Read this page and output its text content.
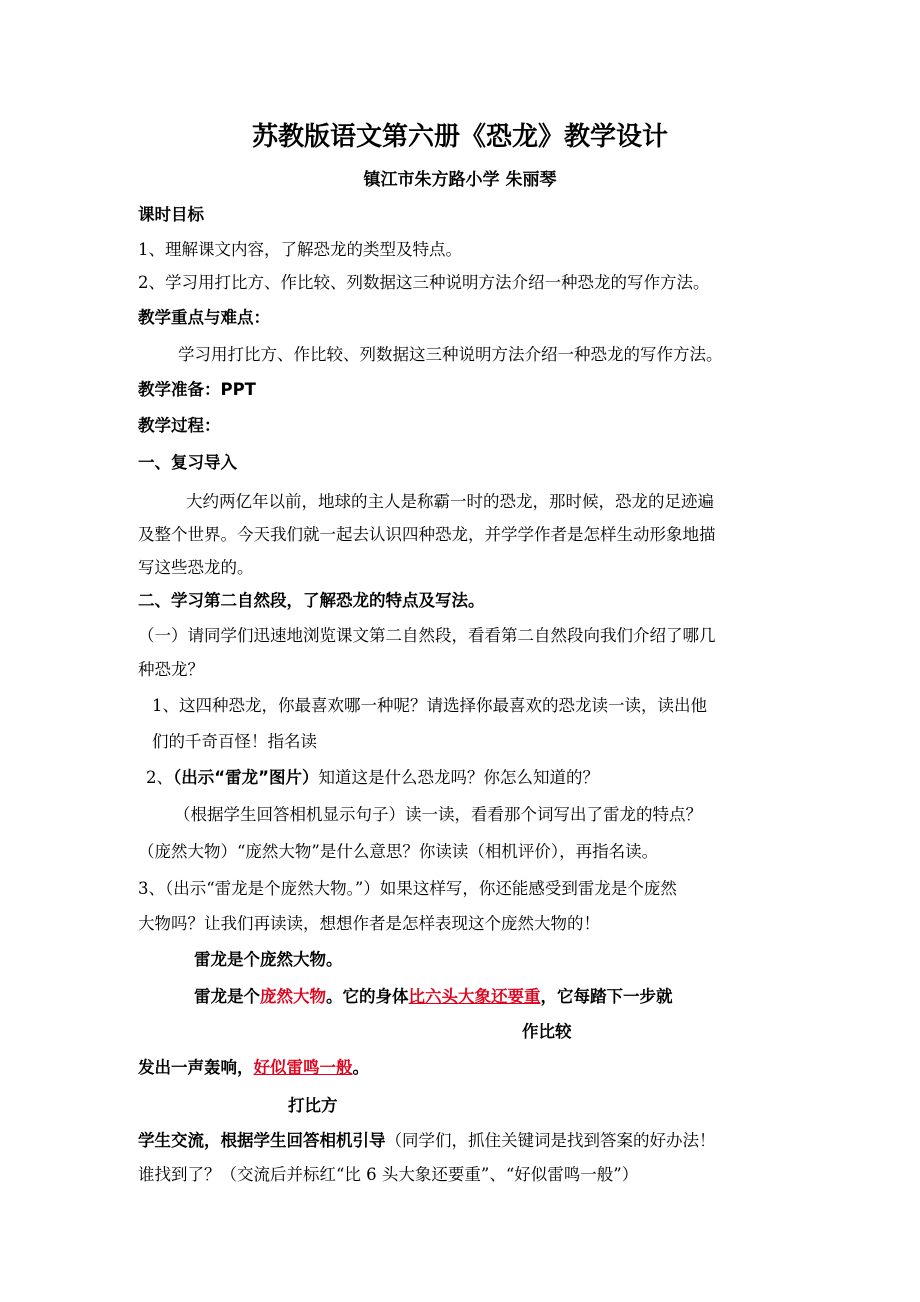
苏教版语文第六册《恐龙》教学设计
镇江市朱方路小学 朱丽琴
课时目标
1、理解课文内容，了解恐龙的类型及特点。
2、学习用打比方、作比较、列数据这三种说明方法介绍一种恐龙的写作方法。
教学重点与难点：
学习用打比方、作比较、列数据这三种说明方法介绍一种恐龙的写作方法。
教学准备：PPT
教学过程：
一、复习导入
大约两亿年以前，地球的主人是称霸一时的恐龙，那时候，恐龙的足迹遍
及整个世界。今天我们就一起去认识四种恐龙，并学学作者是怎样生动形象地描
写这些恐龙的。
二、学习第二自然段，了解恐龙的特点及写法。
（一）请同学们迅速地浏览课文第二自然段，看看第二自然段向我们介绍了哪几
种恐龙？
1、这四种恐龙，你最喜欢哪一种呢？请选择你最喜欢的恐龙读一读，读出他
们的千奇百怪！指名读
2、（出示“雷龙”图片）知道这是什么恐龙吗？你怎么知道的？
（根据学生回答相机显示句子）读一读，看看那个词写出了雷龙的特点？
（庞然大物）“庞然大物”是什么意思？你读读（相机评价），再指名读。
3、（出示“雷龙是个庞然大物。”）如果这样写，你还能感受到雷龙是个庞然
大物吗？让我们再读读，想想作者是怎样表现这个庞然大物的！
雷龙是个庞然大物。
雷龙是个庞然大物。它的身体比六头大象还要重，它每踏下一步就
作比较
发出一声轰响，好似雷鸣一般。
打比方
学生交流，根据学生回答相机引导（同学们，抓住关键词是找到答案的好办法！
谁找到了？（交流后并标红“比 6 头大象还要重”、“好似雷鸣一般”）
